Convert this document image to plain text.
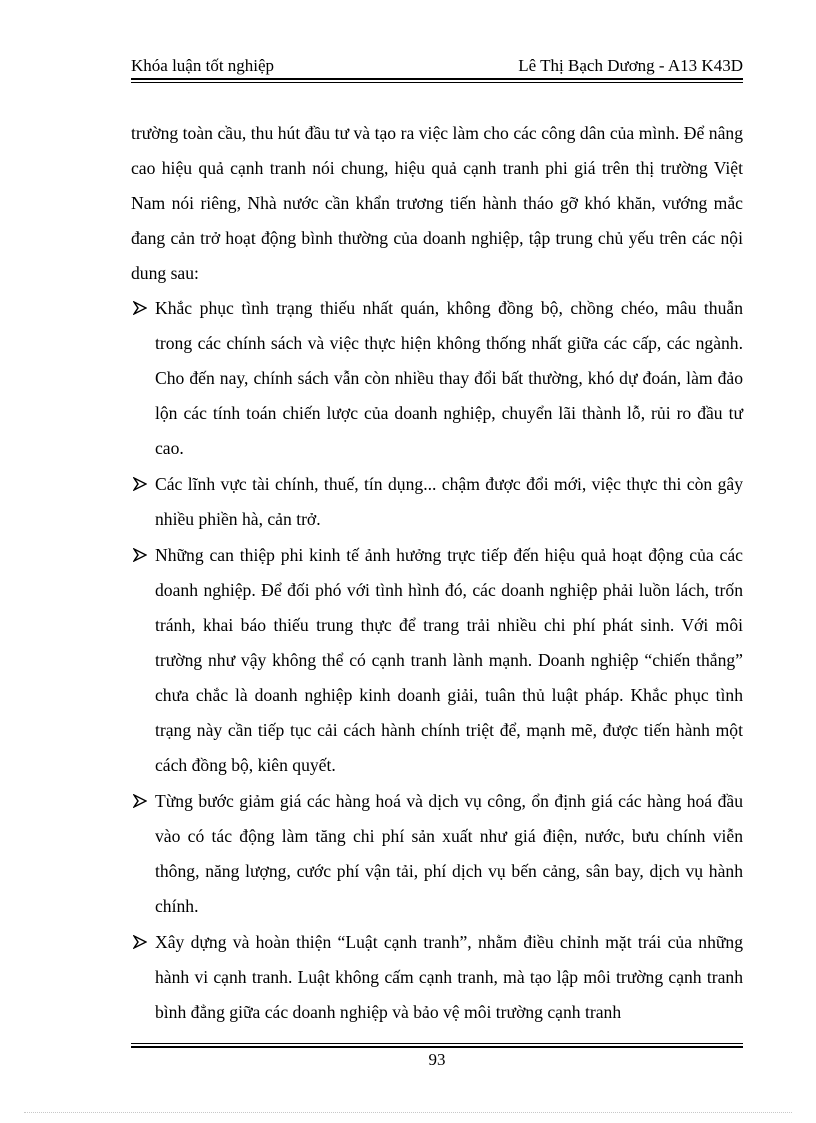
Khóa luận tốt nghiệp	Lê Thị Bạch Dương - A13 K43D

trường toàn cầu, thu hút đầu tư và tạo ra việc làm cho các công dân của mình. Để nâng cao hiệu quả cạnh tranh nói chung, hiệu quả cạnh tranh phi giá trên thị trường Việt Nam nói riêng, Nhà nước cần khẩn trương tiến hành tháo gỡ khó khăn, vướng mắc đang cản trở hoạt động bình thường của doanh nghiệp, tập trung chủ yếu trên các nội dung sau:

Khắc phục tình trạng thiếu nhất quán, không đồng bộ, chồng chéo, mâu thuẫn trong các chính sách và việc thực hiện không thống nhất giữa các cấp, các ngành. Cho đến nay, chính sách vẫn còn nhiều thay đổi bất thường, khó dự đoán, làm đảo lộn các tính toán chiến lược của doanh nghiệp, chuyển lãi thành lỗ, rủi ro đầu tư cao.
Các lĩnh vực tài chính, thuế, tín dụng... chậm được đổi mới, việc thực thi còn gây nhiều phiền hà, cản trở.
Những can thiệp phi kinh tế ảnh hưởng trực tiếp đến hiệu quả hoạt động của các doanh nghiệp. Để đối phó với tình hình đó, các doanh nghiệp phải luồn lách, trốn tránh, khai báo thiếu trung thực để trang trải nhiều chi phí phát sinh. Với môi trường như vậy không thể có cạnh tranh lành mạnh. Doanh nghiệp “chiến thắng” chưa chắc là doanh nghiệp kinh doanh giải, tuân thủ luật pháp. Khắc phục tình trạng này cần tiếp tục cải cách hành chính triệt để, mạnh mẽ, được tiến hành một cách đồng bộ, kiên quyết.
Từng bước giảm giá các hàng hoá và dịch vụ công, ổn định giá các hàng hoá đầu vào có tác động làm tăng chi phí sản xuất như giá điện, nước, bưu chính viễn thông, năng lượng, cước phí vận tải, phí dịch vụ bến cảng, sân bay, dịch vụ hành chính.
Xây dựng và hoàn thiện “Luật cạnh tranh”, nhằm điều chỉnh mặt trái của những hành vi cạnh tranh. Luật không cấm cạnh tranh, mà tạo lập môi trường cạnh tranh bình đẳng giữa các doanh nghiệp và bảo vệ môi trường cạnh tranh
93
